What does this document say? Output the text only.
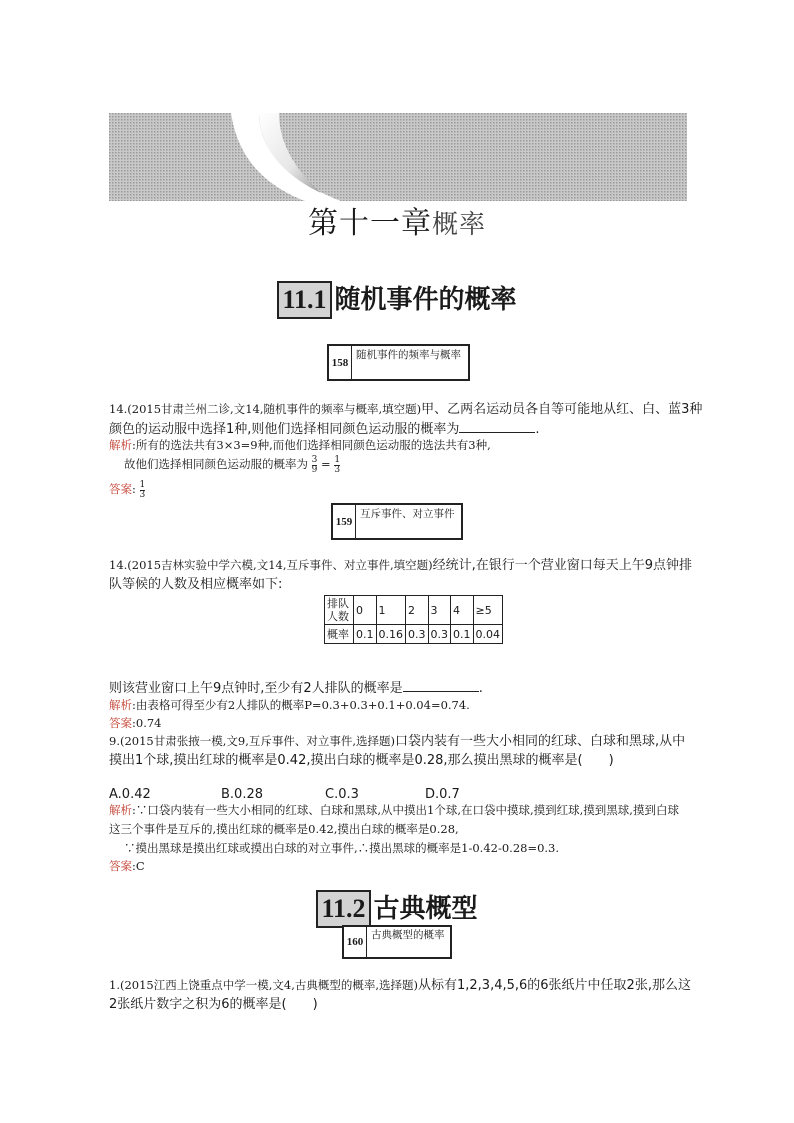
第十一章概率
11.1 随机事件的概率
158
随机事件的频率与概率
14.(2015甘肃兰州二诊,文14,随机事件的频率与概率,填空题)甲、乙两名运动员各自等可能地从红、白、蓝3种颜色的运动服中选择1种,则他们选择相同颜色运动服的概率为	.
解析:所有的选法共有3×3=9种,而他们选择相同颜色运动服的选法共有3种,
故他们选择相同颜色运动服的概率为 $\frac{3}{9} = \frac{1}{3}$
答案: $\frac{1}{3}$
159
互斥事件、对立事件
14.(2015吉林实验中学六模,文14,互斥事件、对立事件,填空题)经统计,在银行一个营业窗口每天上午9点钟排队等候的人数及相应概率如下:
排队人数	0	1	2	3	4	≥5
概率	0.1	0.16	0.3	0.3	0.1	0.04
则该营业窗口上午9点钟时,至少有2人排队的概率是	.
解析:由表格可得至少有2人排队的概率P=0.3+0.3+0.1+0.04=0.74.
答案:0.74
9.(2015甘肃张掖一模,文9,互斥事件、对立事件,选择题)口袋内装有一些大小相同的红球、白球和黑球,从中摸出1个球,摸出红球的概率是0.42,摸出白球的概率是0.28,那么摸出黑球的概率是(　　)
A.0.42	B.0.28	C.0.3	D.0.7
解析:∵口袋内装有一些大小相同的红球、白球和黑球,从中摸出1个球,在口袋中摸球,摸到红球,摸到黑球,摸到白球这三个事件是互斥的,摸出红球的概率是0.42,摸出白球的概率是0.28,
∵摸出黑球是摸出红球或摸出白球的对立事件,∴摸出黑球的概率是1-0.42-0.28=0.3.
答案:C
11.2 古典概型
160
古典概型的概率
1.(2015江西上饶重点中学一模,文4,古典概型的概率,选择题)从标有1,2,3,4,5,6的6张纸片中任取2张,那么这2张纸片数字之积为6的概率是(　　)
